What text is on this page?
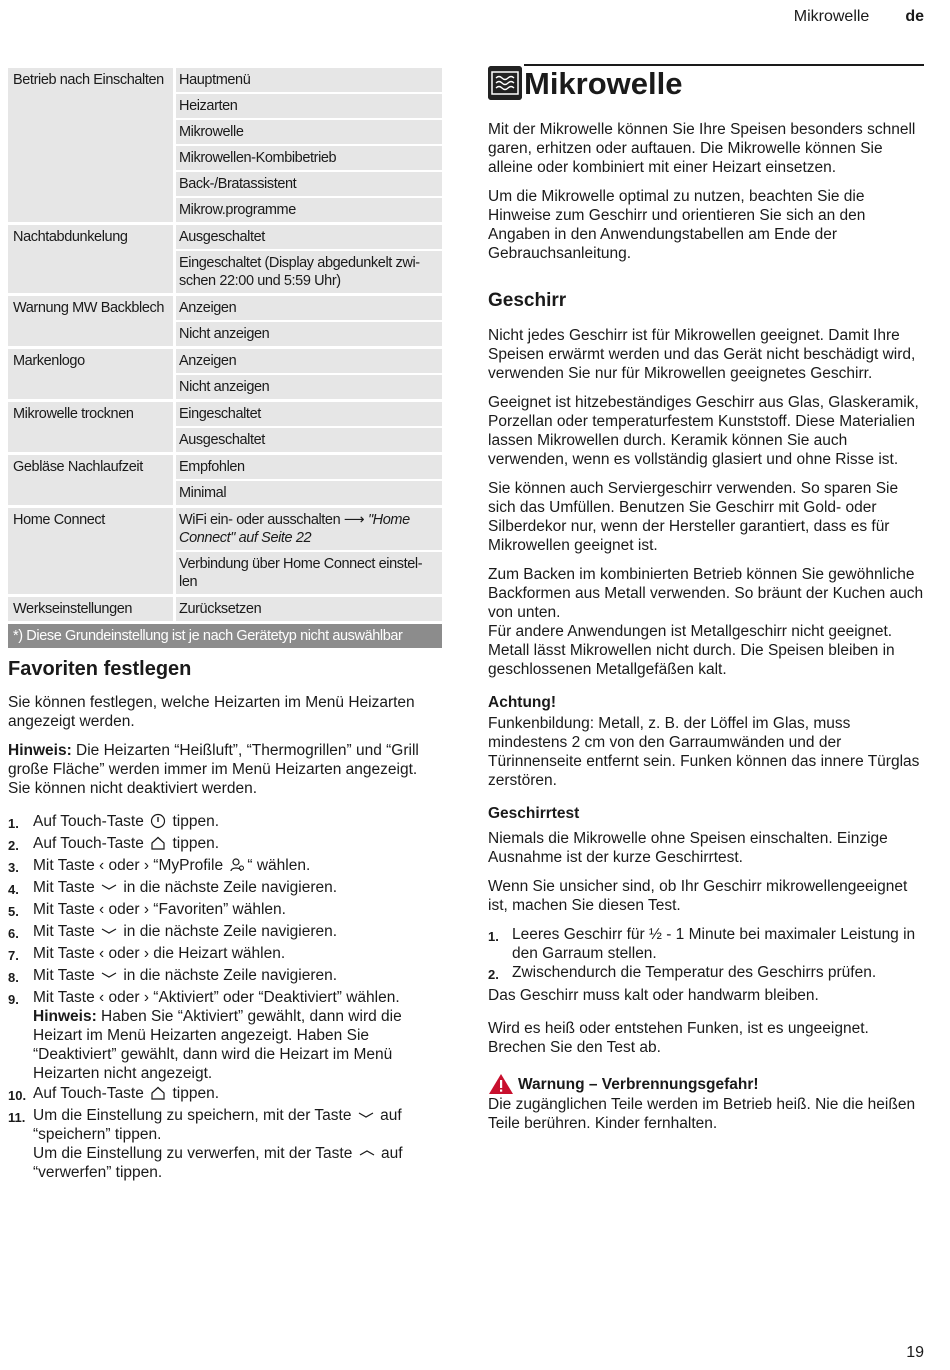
Mikrowelle de
Betrieb nach Einschalten	Hauptmenü
Heizarten
Mikrowelle
Mikrowellen-Kombibetrieb
Back-/Bratassistent
Mikrow.programme
Nachtabdunkelung	Ausgeschaltet
Eingeschaltet (Display abgedunkelt zwi-schen 22:00 und 5:59 Uhr)
Warnung MW Backblech	Anzeigen
Nicht anzeigen
Markenlogo	Anzeigen
Nicht anzeigen
Mikrowelle trocknen	Eingeschaltet
Ausgeschaltet
Gebläse Nachlaufzeit	Empfohlen
Minimal
Home Connect	WiFi ein- oder ausschalten ⟶ "Home Connect" auf Seite 22
Verbindung über Home Connect einstel-len
Werkseinstellungen	Zurücksetzen
*) Diese Grundeinstellung ist je nach Gerätetyp nicht auswählbar
Favoriten festlegen

Sie können festlegen, welche Heizarten im Menü Heizarten angezeigt werden.

Hinweis: Die Heizarten “Heißluft”, “Thermogrillen” und “Grill große Fläche” werden immer im Menü Heizarten angezeigt. Sie können nicht deaktiviert werden.

1. Auf Touch-Taste  tippen.
2. Auf Touch-Taste  tippen.
3. Mit Taste ‹ oder › “MyProfile “ wählen.
4. Mit Taste  in die nächste Zeile navigieren.
5. Mit Taste ‹ oder › “Favoriten” wählen.
6. Mit Taste  in die nächste Zeile navigieren.
7. Mit Taste ‹ oder › die Heizart wählen.
8. Mit Taste  in die nächste Zeile navigieren.
9. Mit Taste ‹ oder › “Aktiviert” oder “Deaktiviert” wählen.
Hinweis: Haben Sie “Aktiviert” gewählt, dann wird die Heizart im Menü Heizarten angezeigt. Haben Sie “Deaktiviert” gewählt, dann wird die Heizart im Menü Heizarten nicht angezeigt.
10. Auf Touch-Taste  tippen.
11. Um die Einstellung zu speichern, mit der Taste  auf “speichern” tippen.
Um die Einstellung zu verwerfen, mit der Taste  auf “verwerfen” tippen.
Mikrowelle

Mit der Mikrowelle können Sie Ihre Speisen besonders schnell garen, erhitzen oder auftauen. Die Mikrowelle können Sie alleine oder kombiniert mit einer Heizart einsetzen.

Um die Mikrowelle optimal zu nutzen, beachten Sie die Hinweise zum Geschirr und orientieren Sie sich an den Angaben in den Anwendungstabellen am Ende der Gebrauchsanleitung.

Geschirr

Nicht jedes Geschirr ist für Mikrowellen geeignet. Damit Ihre Speisen erwärmt werden und das Gerät nicht beschädigt wird, verwenden Sie nur für Mikrowellen geeignetes Geschirr.

Geeignet ist hitzebeständiges Geschirr aus Glas, Glaskeramik, Porzellan oder temperaturfestem Kunststoff. Diese Materialien lassen Mikrowellen durch. Keramik können Sie auch verwenden, wenn es vollständig glasiert und ohne Risse ist.

Sie können auch Serviergeschirr verwenden. So sparen Sie sich das Umfüllen. Benutzen Sie Geschirr mit Gold- oder Silberdekor nur, wenn der Hersteller garantiert, dass es für Mikrowellen geeignet ist.

Zum Backen im kombinierten Betrieb können Sie gewöhnliche Backformen aus Metall verwenden. So bräunt der Kuchen auch von unten.
Für andere Anwendungen ist Metallgeschirr nicht geeignet. Metall lässt Mikrowellen nicht durch. Die Speisen bleiben in geschlossenen Metallgefäßen kalt.

Achtung!

Funkenbildung: Metall, z. B. der Löffel im Glas, muss mindestens 2 cm von den Garraumwänden und der Türinnenseite entfernt sein. Funken können das innere Türglas zerstören.

Geschirrtest

Niemals die Mikrowelle ohne Speisen einschalten. Einzige Ausnahme ist der kurze Geschirrtest.

Wenn Sie unsicher sind, ob Ihr Geschirr mikrowellengeeignet ist, machen Sie diesen Test.

1. Leeres Geschirr für ½ - 1 Minute bei maximaler Leistung in den Garraum stellen.
2. Zwischendurch die Temperatur des Geschirrs prüfen.

Das Geschirr muss kalt oder handwarm bleiben.

Wird es heiß oder entstehen Funken, ist es ungeeignet. Brechen Sie den Test ab.

Warnung – Verbrennungsgefahr!

Die zugänglichen Teile werden im Betrieb heiß. Nie die heißen Teile berühren. Kinder fernhalten.

19
